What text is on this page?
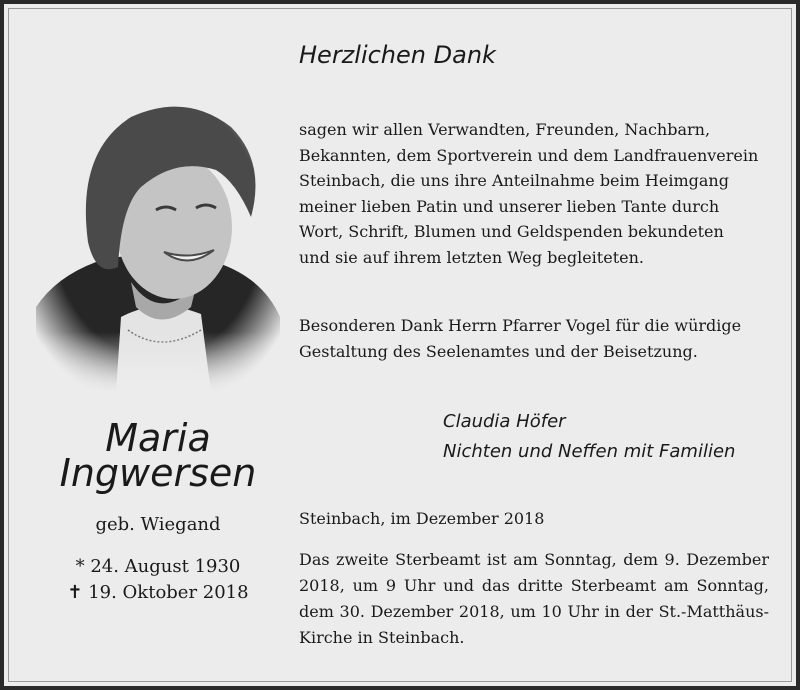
Maria
Ingwersen
geb. Wiegand
* 24. August 1930
✝ 19. Oktober 2018
Herzlichen Dank

sagen wir allen Verwandten, Freunden, Nachbarn,
Bekannten, dem Sportverein und dem Landfrauenverein
Steinbach, die uns ihre Anteilnahme beim Heimgang
meiner lieben Patin und unserer lieben Tante durch
Wort, Schrift, Blumen und Geldspenden bekundeten
und sie auf ihrem letzten Weg begleiteten.

Besonderen Dank Herrn Pfarrer Vogel für die würdige
Gestaltung des Seelenamtes und der Beisetzung.

Claudia Höfer
Nichten und Neffen mit Familien
Steinbach, im Dezember 2018

Das zweite Sterbeamt ist am Sonntag, dem 9. Dezember
2018, um 9 Uhr und das dritte Sterbeamt am Sonntag,
dem 30. Dezember 2018, um 10 Uhr in der St.-Matthäus-
Kirche in Steinbach.
